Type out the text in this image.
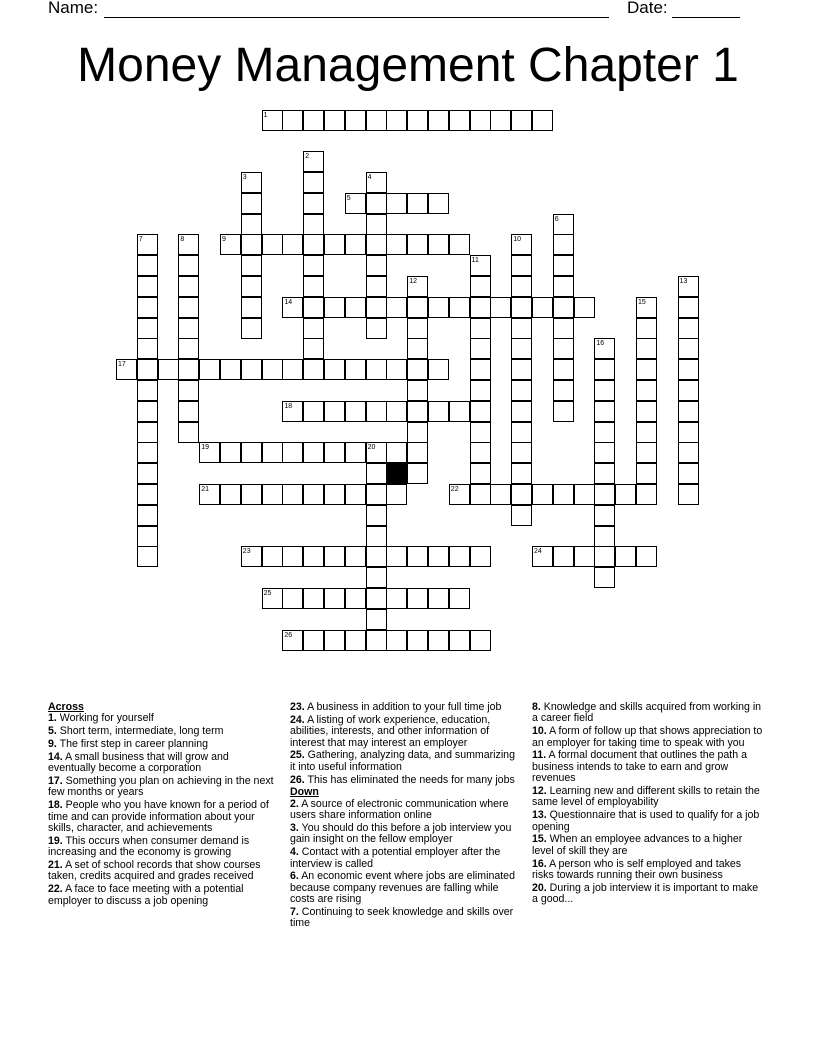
Name:	Date:
Money Management Chapter 1
1
5
9
14
17
18
19	20
21	22
23	24
25
26
2
3	4
6
7	8	10
11
12	13
15
16
Across
1. Working for yourself
5. Short term, intermediate, long term
9. The first step in career planning
14. A small business that will grow and eventually become a corporation
17. Something you plan on achieving in the next few months or years
18. People who you have known for a period of time and can provide information about your skills, character, and achievements
19. This occurs when consumer demand is increasing and the economy is growing
21. A set of school records that show courses taken, credits acquired and grades received
22. A face to face meeting with a potential employer to discuss a job opening
23. A business in addition to your full time job
24. A listing of work experience, education, abilities, interests, and other information of interest that may interest an employer
25. Gathering, analyzing data, and summarizing it into useful information
26. This has eliminated the needs for many jobs
Down
2. A source of electronic communication where users share information online
3. You should do this before a job interview you gain insight on the fellow employer
4. Contact with a potential employer after the interview is called
6. An economic event where jobs are eliminated because company revenues are falling while costs are rising
7. Continuing to seek knowledge and skills over time
8. Knowledge and skills acquired from working in a career field
10. A form of follow up that shows appreciation to an employer for taking time to speak with you
11. A formal document that outlines the path a business intends to take to earn and grow revenues
12. Learning new and different skills to retain the same level of employability
13. Questionnaire that is used to qualify for a job opening
15. When an employee advances to a higher level of skill they are
16. A person who is self employed and takes risks towards running their own business
20. During a job interview it is important to make a good...
